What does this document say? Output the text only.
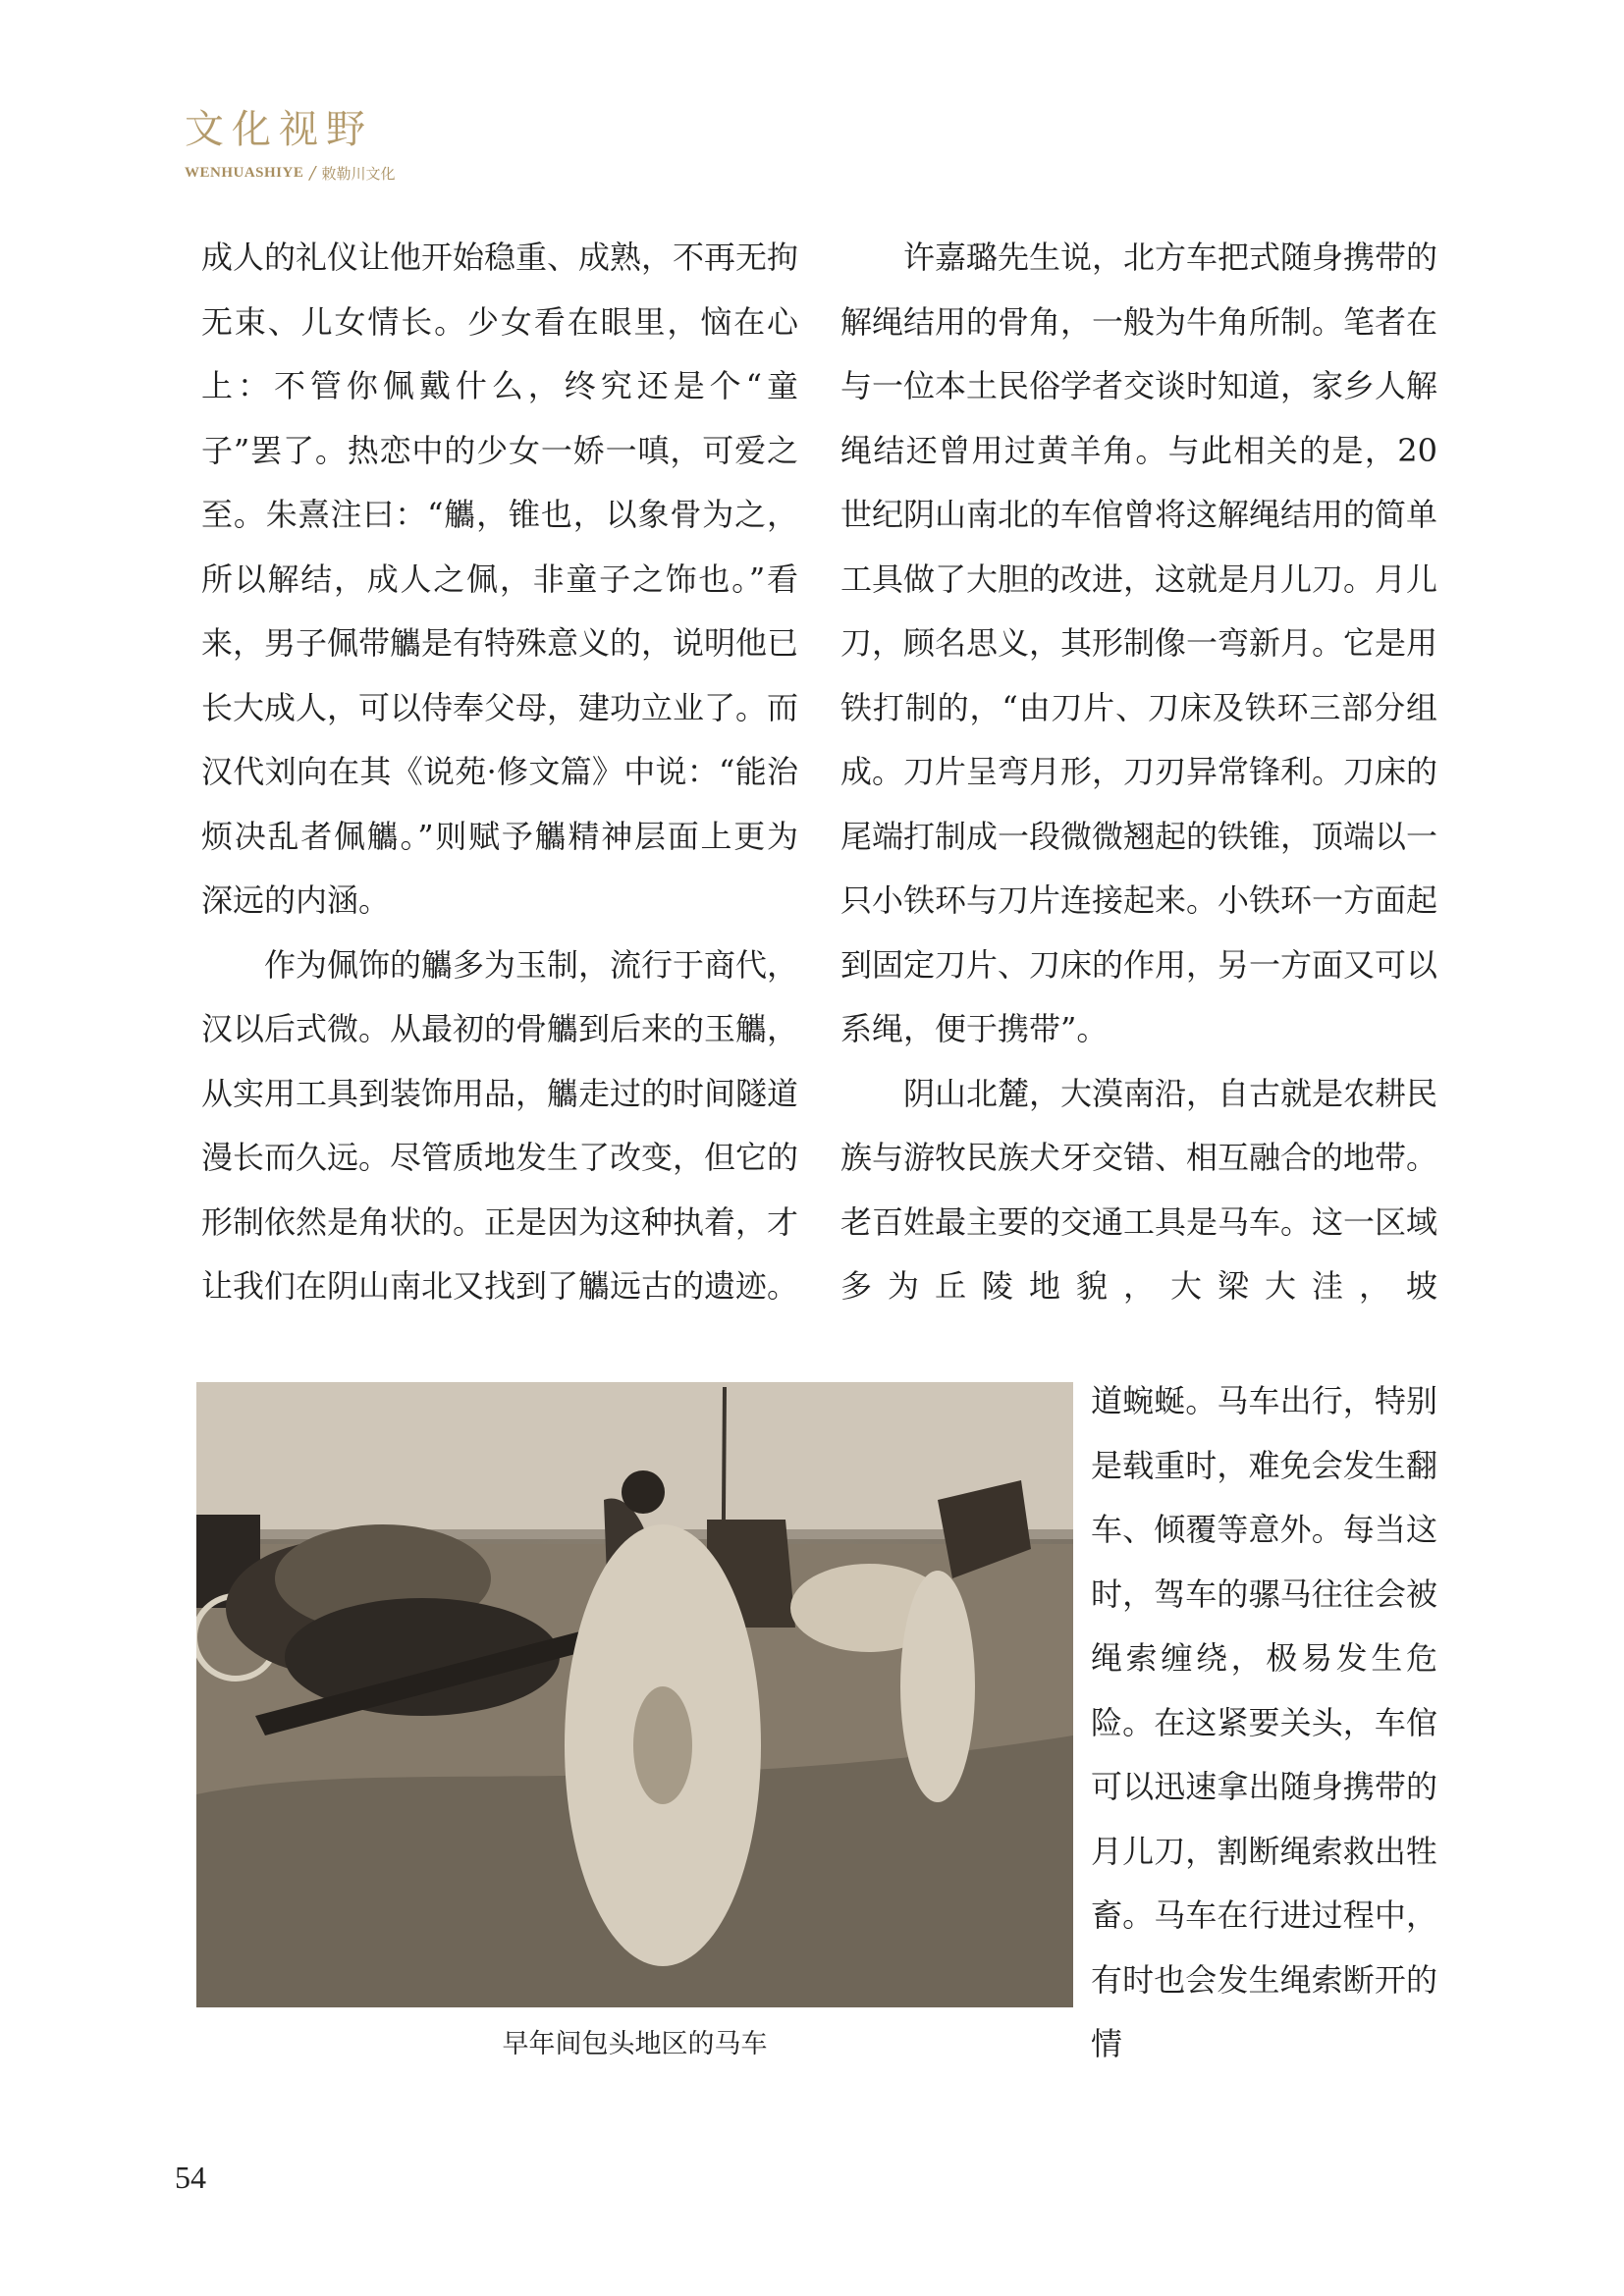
文化视野
WENHUASHIYE / 敕勒川文化

成人的礼仪让他开始稳重、成熟，不再无拘无束、儿女情长。少女看在眼里，恼在心上：不管你佩戴什么，终究还是个“童子”罢了。热恋中的少女一娇一嗔，可爱之至。朱熹注曰：“觿，锥也，以象骨为之，所以解结，成人之佩，非童子之饰也。”看来，男子佩带觿是有特殊意义的，说明他已长大成人，可以侍奉父母，建功立业了。而汉代刘向在其《说苑·修文篇》中说：“能治烦决乱者佩觿。”则赋予觿精神层面上更为深远的内涵。

　　作为佩饰的觿多为玉制，流行于商代，汉以后式微。从最初的骨觿到后来的玉觿，从实用工具到装饰用品，觿走过的时间隧道漫长而久远。尽管质地发生了改变，但它的形制依然是角状的。正是因为这种执着，才让我们在阴山南北又找到了觿远古的遗迹。

　　许嘉璐先生说，北方车把式随身携带的解绳结用的骨角，一般为牛角所制。笔者在与一位本土民俗学者交谈时知道，家乡人解绳结还曾用过黄羊角。与此相关的是，20世纪阴山南北的车倌曾将这解绳结用的简单工具做了大胆的改进，这就是月儿刀。月儿刀，顾名思义，其形制像一弯新月。它是用铁打制的，“由刀片、刀床及铁环三部分组成。刀片呈弯月形，刀刃异常锋利。刀床的尾端打制成一段微微翘起的铁锥，顶端以一只小铁环与刀片连接起来。小铁环一方面起到固定刀片、刀床的作用，另一方面又可以系绳，便于携带”。

　　阴山北麓，大漠南沿，自古就是农耕民族与游牧民族犬牙交错、相互融合的地带。老百姓最主要的交通工具是马车。这一区域多为丘陵地貌，大梁大洼，坡

道蜿蜒。马车出行，特别是载重时，难免会发生翻车、倾覆等意外。每当这时，驾车的骡马往往会被绳索缠绕，极易发生危险。在这紧要关头，车倌可以迅速拿出随身携带的月儿刀，割断绳索救出牲畜。马车在行进过程中，有时也会发生绳索断开的情

早年间包头地区的马车
54
